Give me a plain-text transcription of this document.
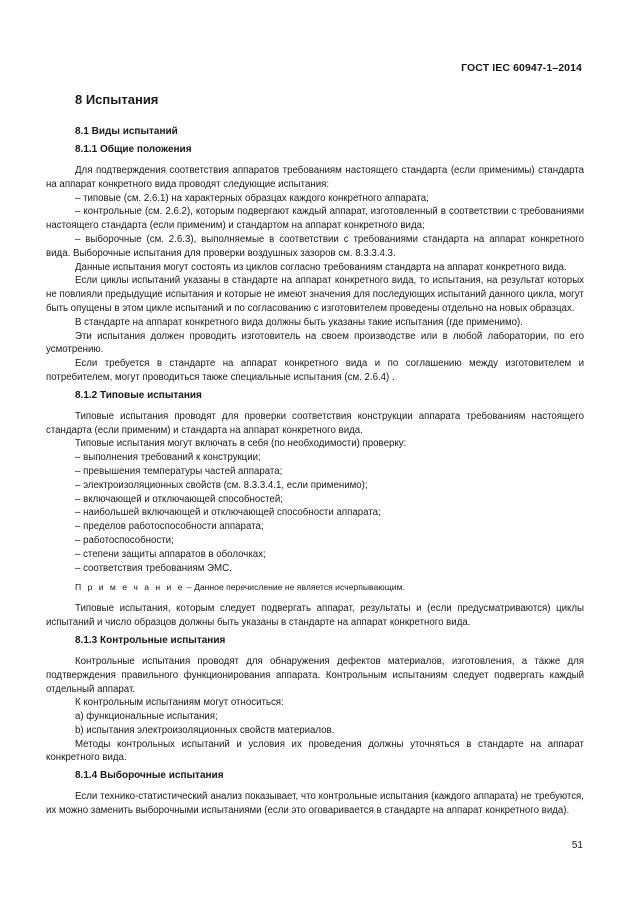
ГОСТ IEC 60947-1–2014
8 Испытания
8.1 Виды испытаний
8.1.1 Общие положения

Для подтверждения соответствия аппаратов требованиям настоящего стандарта (если применимы) стандарта на аппарат конкретного вида проводят следующие испытания:

– типовые (см. 2.6.1) на характерных образцах каждого конкретного аппарата;

– контрольные (см. 2.6.2), которым подвергают каждый аппарат, изготовленный в соответствии с требованиями настоящего стандарта (если применим) и стандартом на аппарат конкретного вида;

– выборочные (см. 2.6.3), выполняемые в соответствии с требованиями стандарта на аппарат конкретного вида. Выборочные испытания для проверки воздушных зазоров см. 8.3.3.4.3.

Данные испытания могут состоять из циклов согласно требованиям стандарта на аппарат конкретного вида.

Если циклы испытаний указаны в стандарте на аппарат конкретного вида, то испытания, на результат которых не повлияли предыдущие испытания и которые не имеют значения для последующих испытаний данного цикла, могут быть опущены в этом цикле испытаний и по согласованию с изготовителем проведены отдельно на новых образцах.

В стандарте на аппарат конкретного вида должны быть указаны такие испытания (где применимо).

Эти испытания должен проводить изготовитель на своем производстве или в любой лаборатории, по его усмотрению.

Если требуется в стандарте на аппарат конкретного вида и по соглашению между изготовителем и потребителем, могут проводиться также специальные испытания (см. 2.6.4) .

8.1.2 Типовые испытания

Типовые испытания проводят для проверки соответствия конструкции аппарата требованиям настоящего стандарта (если применим) и стандарта на аппарат конкретного вида.

Типовые испытания могут включать в себя (по необходимости) проверку:

– выполнения требований к конструкции;

– превышения температуры частей аппарата;

– электроизоляционных свойств (см. 8.3.3.4.1, если применимо);

– включающей и отключающей способностей;

– наибольшей включающей и отключающей способности аппарата;

– пределов работоспособности аппарата;

– работоспособности;

– степени защиты аппаратов в оболочках;

– соответствия требованиям ЭМС.

П р и м е ч а н и е – Данное перечисление не является исчерпывающим.

Типовые испытания, которым следует подвергать аппарат, результаты и (если предусматриваются) циклы испытаний и число образцов должны быть указаны в стандарте на аппарат конкретного вида.

8.1.3 Контрольные испытания

Контрольные испытания проводят для обнаружения дефектов материалов, изготовления, а также для подтверждения правильного функционирования аппарата. Контрольным испытаниям следует подвергать каждый отдельный аппарат.

К контрольным испытаниям могут относиться:

a) функциональные испытания;

b) испытания электроизоляционных свойств материалов.

Методы контрольных испытаний и условия их проведения должны уточняться в стандарте на аппарат конкретного вида.

8.1.4 Выборочные испытания

Если технико-статистический анализ показывает, что контрольные испытания (каждого аппарата) не требуются, их можно заменить выборочными испытаниями (если это оговаривается в стандарте на аппарат конкретного вида).

51
